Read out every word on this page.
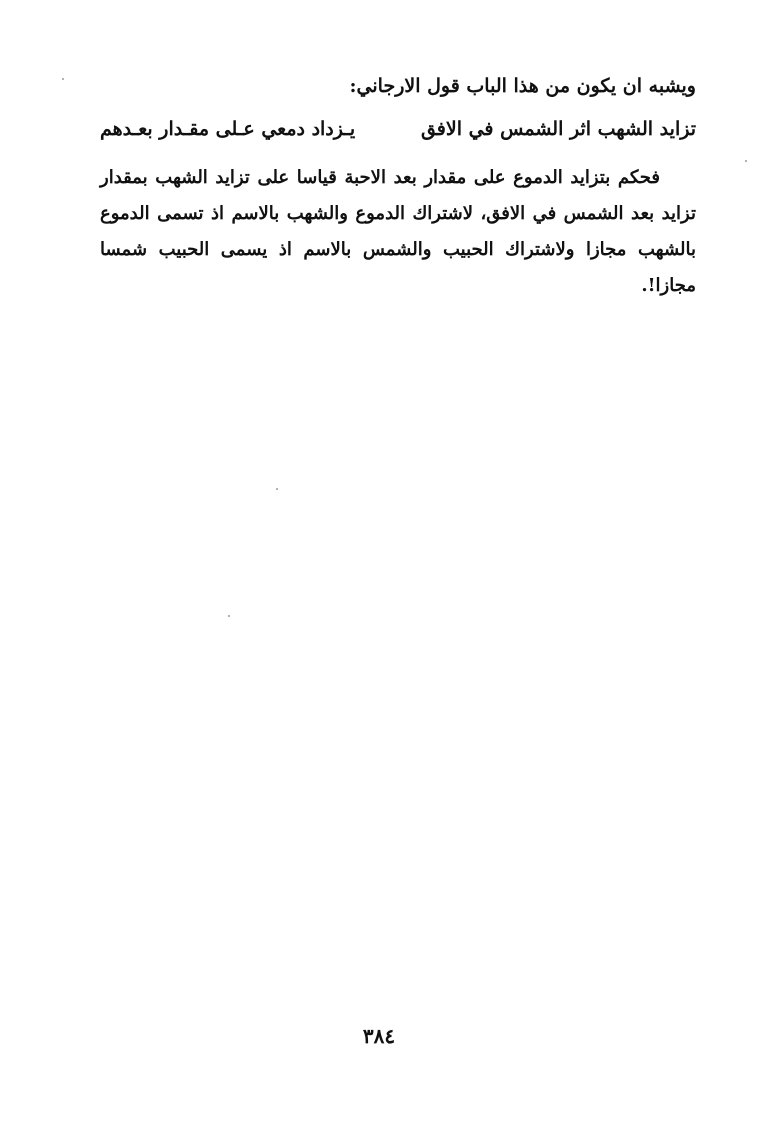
ويشبه ان يكون من هذا الباب قول الارجاني:
تزايد الشهب اثر الشمس في الافق
يـزداد دمعي عـلى مقـدار بعـدهم
فحكم بتزايد الدموع على مقدار بعد الاحبة قياسا على تزايد الشهب بمقدار تزايد بعد الشمس في الافق، لاشتراك الدموع والشهب بالاسم اذ تسمى الدموع بالشهب مجازا ولاشتراك الحبيب والشمس بالاسم اذ يسمى الحبيب شمسا مجازا!.
٣٨٤
